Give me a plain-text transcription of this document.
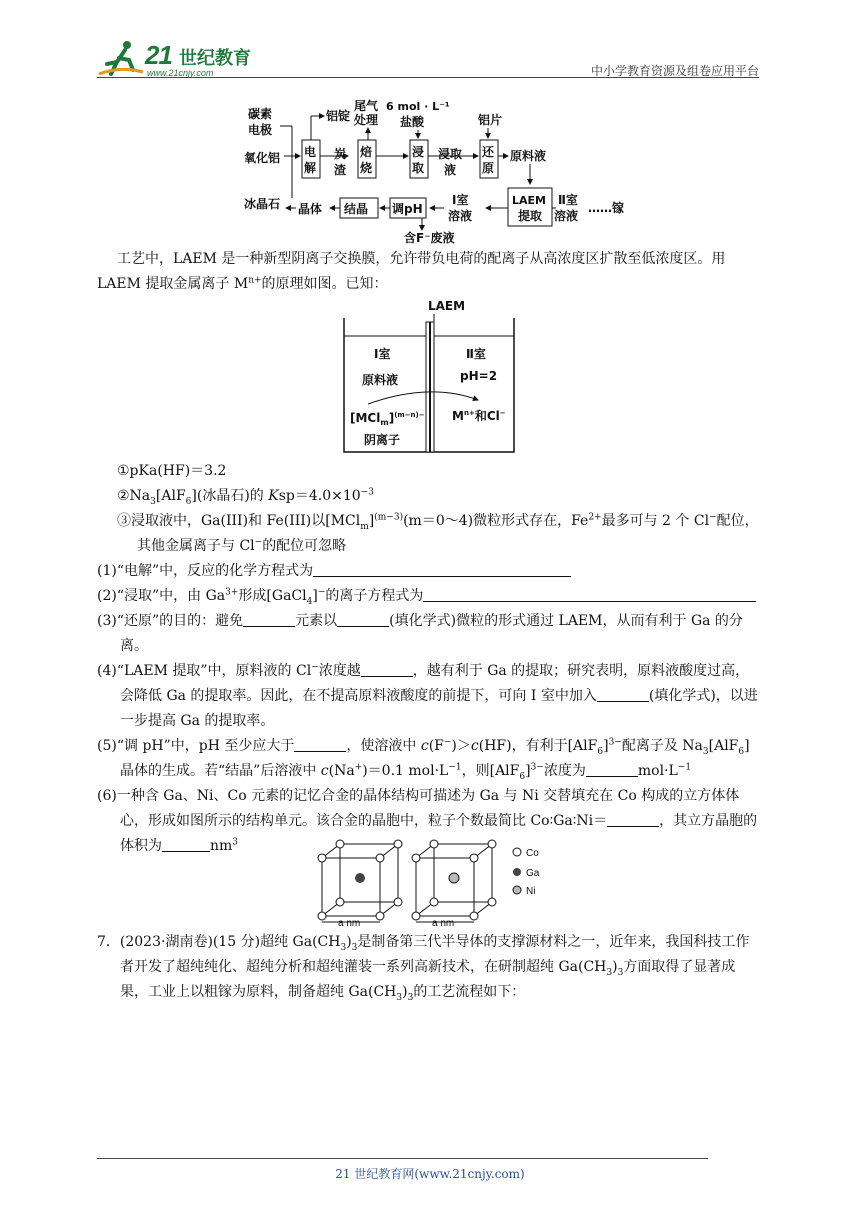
21 世纪教育
www.21cnjy.com	中小学教育资源及组卷应用平台
碳素
电极
氧化铝
冰晶石
电
解
铝锭
炭
渣
尾气
处理
焙
烧
6 mol · L⁻¹
盐酸
浸
取
浸取
液
铝片
还
原
原料液
LAEM
提取
Ⅱ室
溶液
……镓
Ⅰ室
溶液
调pH
含F⁻废液
结晶
晶体

工艺中，LAEM 是一种新型阴离子交换膜，允许带负电荷的配离子从高浓度区扩散至低浓度区。用 LAEM 提取金属离子 $M^{n+}$的原理如图。已知：

LAEM
Ⅰ室
原料液
$[MCl_m]^{(m-n)-}$
阴离子
Ⅱ室
pH=2
$M^{n+}$和Cl−

①pKa(HF)＝3.2

$②Na_3[AlF_6]$(冰晶石)的 $Ksp=4.0\times 10^{-3}$

③浸取液中，Ga(III)和 Fe(III)以$[MCl_m]^{(m-3)}(m=0\sim 4)$微粒形式存在，$Fe^{2+}$最多可与 2 个 Cl−配位，
其他金属离子与 Cl−的配位可忽略

(1)“电解”中，反应的化学方程式为

(2)“浸取”中，由 $Ga^{3+}$形成[GaCl$_4$]−的离子方程式为

(3)“还原”的目的：避免	元素以	(填化学式)微粒的形式通过 LAEM，从而有利于 Ga 的分离。

(4)“LAEM 提取”中，原料液的 Cl−浓度越	，越有利于 Ga 的提取；研究表明，原料液酸度过高，会降低 Ga 的提取率。因此，在不提高原料液酸度的前提下，可向 I 室中加入	(填化学式)，以进一步提高 Ga 的提取率。

(5)“调 pH”中，pH 至少应大于	，使溶液中 c(F−)＞c(HF)，有利于$[AlF_6]^{3-}$配离子及 $Na_3[AlF_6]$
晶体的生成。若“结晶”后溶液中 c(Na+)＝0.1 $mol\cdot L^{-1}$，则$[AlF_6]^{3-}$浓度为	$mol\cdot L^{-1}$

(6)一种含 Ga、Ni、Co 元素的记忆合金的晶体结构可描述为 Ga 与 Ni 交替填充在 Co 构成的立方体体心，形成如图所示的结构单元。该合金的晶胞中，粒子个数最简比 Co∶Ga∶Ni＝	，其立方晶胞的体积为	$nm^3$

a nm	a nm
Co
Ga
Ni

7．(2023·湖南卷)(15 分)超纯 $Ga(CH_3)_3$是制备第三代半导体的支撑源材料之一，近年来，我国科技工作者开发了超纯纯化、超纯分析和超纯灌装一系列高新技术，在研制超纯 $Ga(CH_3)_3$方面取得了显著成果，工业上以粗镓为原料，制备超纯 $Ga(CH_3)_3$的工艺流程如下：

21 世纪教育网(www.21cnjy.com)
